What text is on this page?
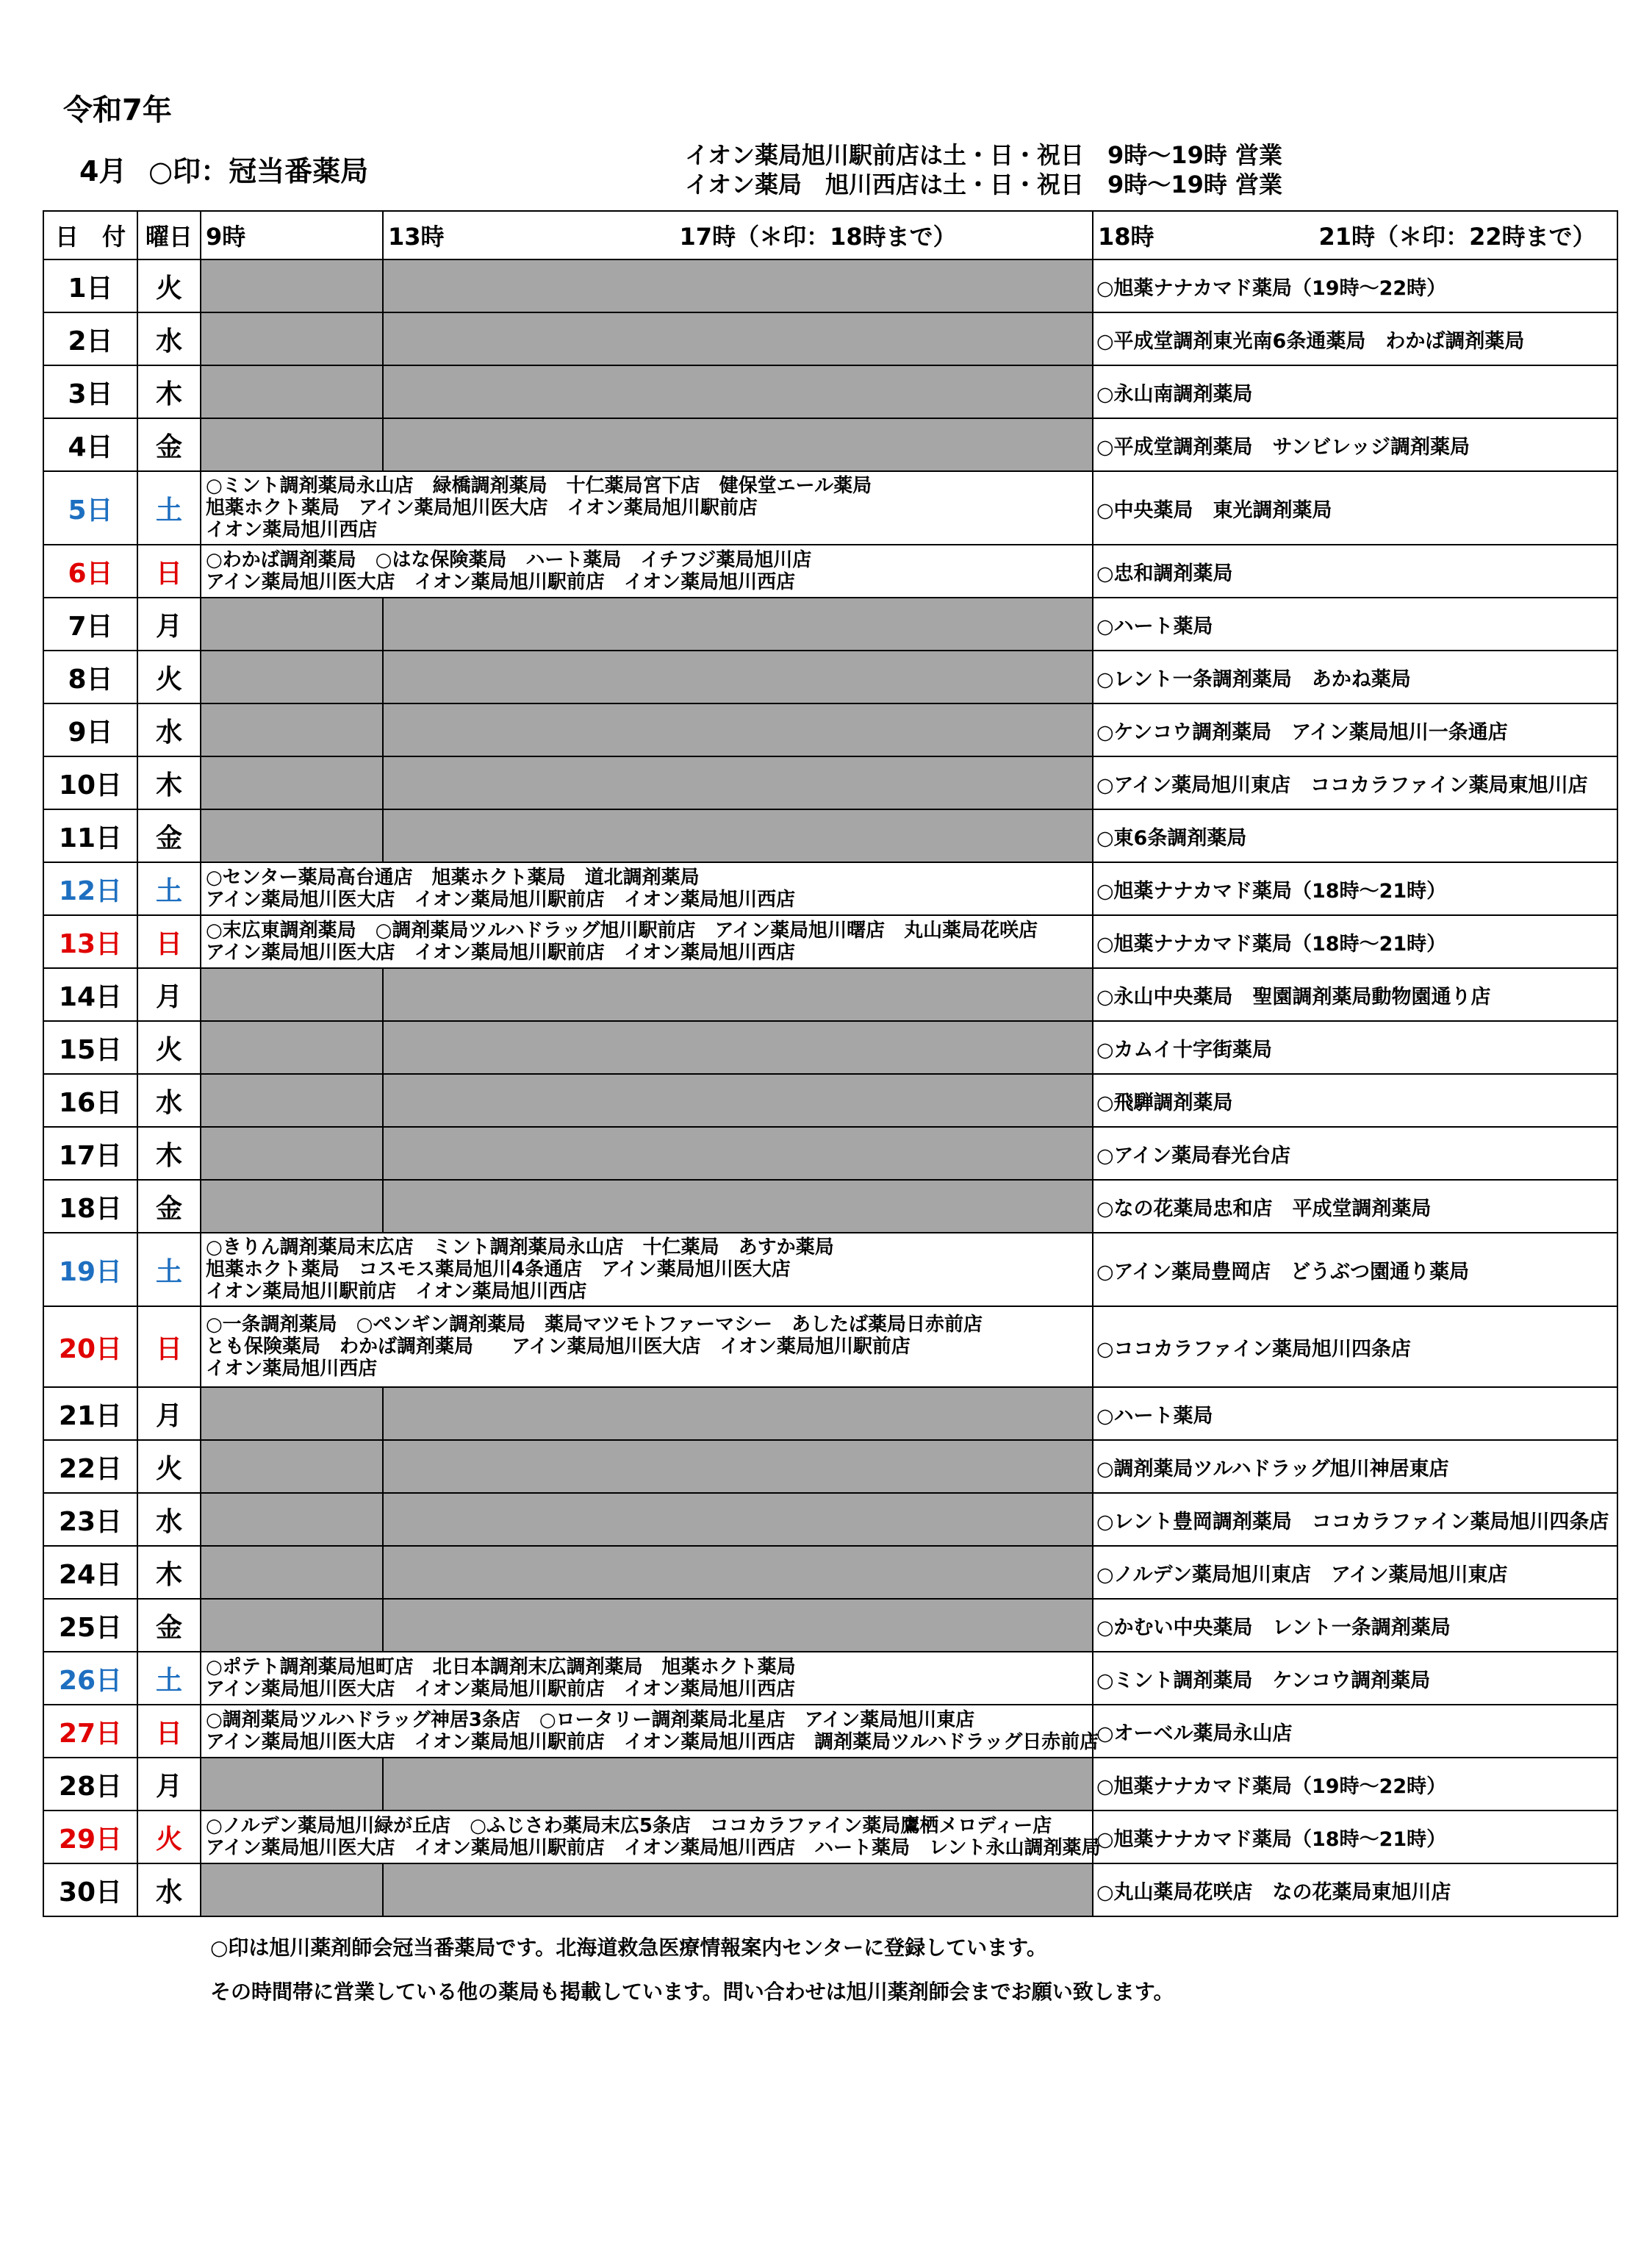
令和7年
4月 ○印：冠当番薬局	イオン薬局旭川駅前店は土・日・祝日　9時～19時 営業
イオン薬局　旭川西店は土・日・祝日　9時～19時 営業
日　付	曜日	9時	13時　　　　　　　　　　17時（＊印：18時まで）	18時　　　　　　　21時（＊印：22時まで）
1日	火			○旭薬ナナカマド薬局（19時～22時）
2日	水			○平成堂調剤東光南6条通薬局　わかば調剤薬局
3日	木			○永山南調剤薬局
4日	金			○平成堂調剤薬局　サンビレッジ調剤薬局
5日	土	○ミント調剤薬局永山店　緑橋調剤薬局　十仁薬局宮下店　健保堂エール薬局
旭薬ホクト薬局　アイン薬局旭川医大店　イオン薬局旭川駅前店
イオン薬局旭川西店		○中央薬局　東光調剤薬局
6日	日	○わかば調剤薬局　○はな保険薬局　ハート薬局　イチフジ薬局旭川店
アイン薬局旭川医大店　イオン薬局旭川駅前店　イオン薬局旭川西店		○忠和調剤薬局
7日	月			○ハート薬局
8日	火			○レント一条調剤薬局　あかね薬局
9日	水			○ケンコウ調剤薬局　アイン薬局旭川一条通店
10日	木			○アイン薬局旭川東店　ココカラファイン薬局東旭川店
11日	金			○東6条調剤薬局
12日	土	○センター薬局高台通店　旭薬ホクト薬局　道北調剤薬局
アイン薬局旭川医大店　イオン薬局旭川駅前店　イオン薬局旭川西店		○旭薬ナナカマド薬局（18時～21時）
13日	日	○末広東調剤薬局　○調剤薬局ツルハドラッグ旭川駅前店　アイン薬局旭川曙店　丸山薬局花咲店
アイン薬局旭川医大店　イオン薬局旭川駅前店　イオン薬局旭川西店		○旭薬ナナカマド薬局（18時～21時）
14日	月			○永山中央薬局　聖園調剤薬局動物園通り店
15日	火			○カムイ十字街薬局
16日	水			○飛騨調剤薬局
17日	木			○アイン薬局春光台店
18日	金			○なの花薬局忠和店　平成堂調剤薬局
19日	土	○きりん調剤薬局末広店　ミント調剤薬局永山店　十仁薬局　あすか薬局
旭薬ホクト薬局　コスモス薬局旭川4条通店　アイン薬局旭川医大店
イオン薬局旭川駅前店　イオン薬局旭川西店		○アイン薬局豊岡店　どうぶつ園通り薬局
20日	日	○一条調剤薬局　○ペンギン調剤薬局　薬局マツモトファーマシー　あしたば薬局日赤前店
とも保険薬局　わかば調剤薬局　　アイン薬局旭川医大店　イオン薬局旭川駅前店
イオン薬局旭川西店		○ココカラファイン薬局旭川四条店
21日	月			○ハート薬局
22日	火			○調剤薬局ツルハドラッグ旭川神居東店
23日	水			○レント豊岡調剤薬局　ココカラファイン薬局旭川四条店
24日	木			○ノルデン薬局旭川東店　アイン薬局旭川東店
25日	金			○かむい中央薬局　レント一条調剤薬局
26日	土	○ポテト調剤薬局旭町店　北日本調剤末広調剤薬局　旭薬ホクト薬局
アイン薬局旭川医大店　イオン薬局旭川駅前店　イオン薬局旭川西店		○ミント調剤薬局　ケンコウ調剤薬局
27日	日	○調剤薬局ツルハドラッグ神居3条店　○ロータリー調剤薬局北星店　アイン薬局旭川東店
アイン薬局旭川医大店　イオン薬局旭川駅前店　イオン薬局旭川西店　調剤薬局ツルハドラッグ日赤前店		○オーベル薬局永山店
28日	月			○旭薬ナナカマド薬局（19時～22時）
29日	火	○ノルデン薬局旭川緑が丘店　○ふじさわ薬局末広5条店　ココカラファイン薬局鷹栖メロディー店
アイン薬局旭川医大店　イオン薬局旭川駅前店　イオン薬局旭川西店　ハート薬局　レント永山調剤薬局		○旭薬ナナカマド薬局（18時～21時）
30日	水			○丸山薬局花咲店　なの花薬局東旭川店
○印は旭川薬剤師会冠当番薬局です。北海道救急医療情報案内センターに登録しています。
その時間帯に営業している他の薬局も掲載しています。問い合わせは旭川薬剤師会までお願い致します。
